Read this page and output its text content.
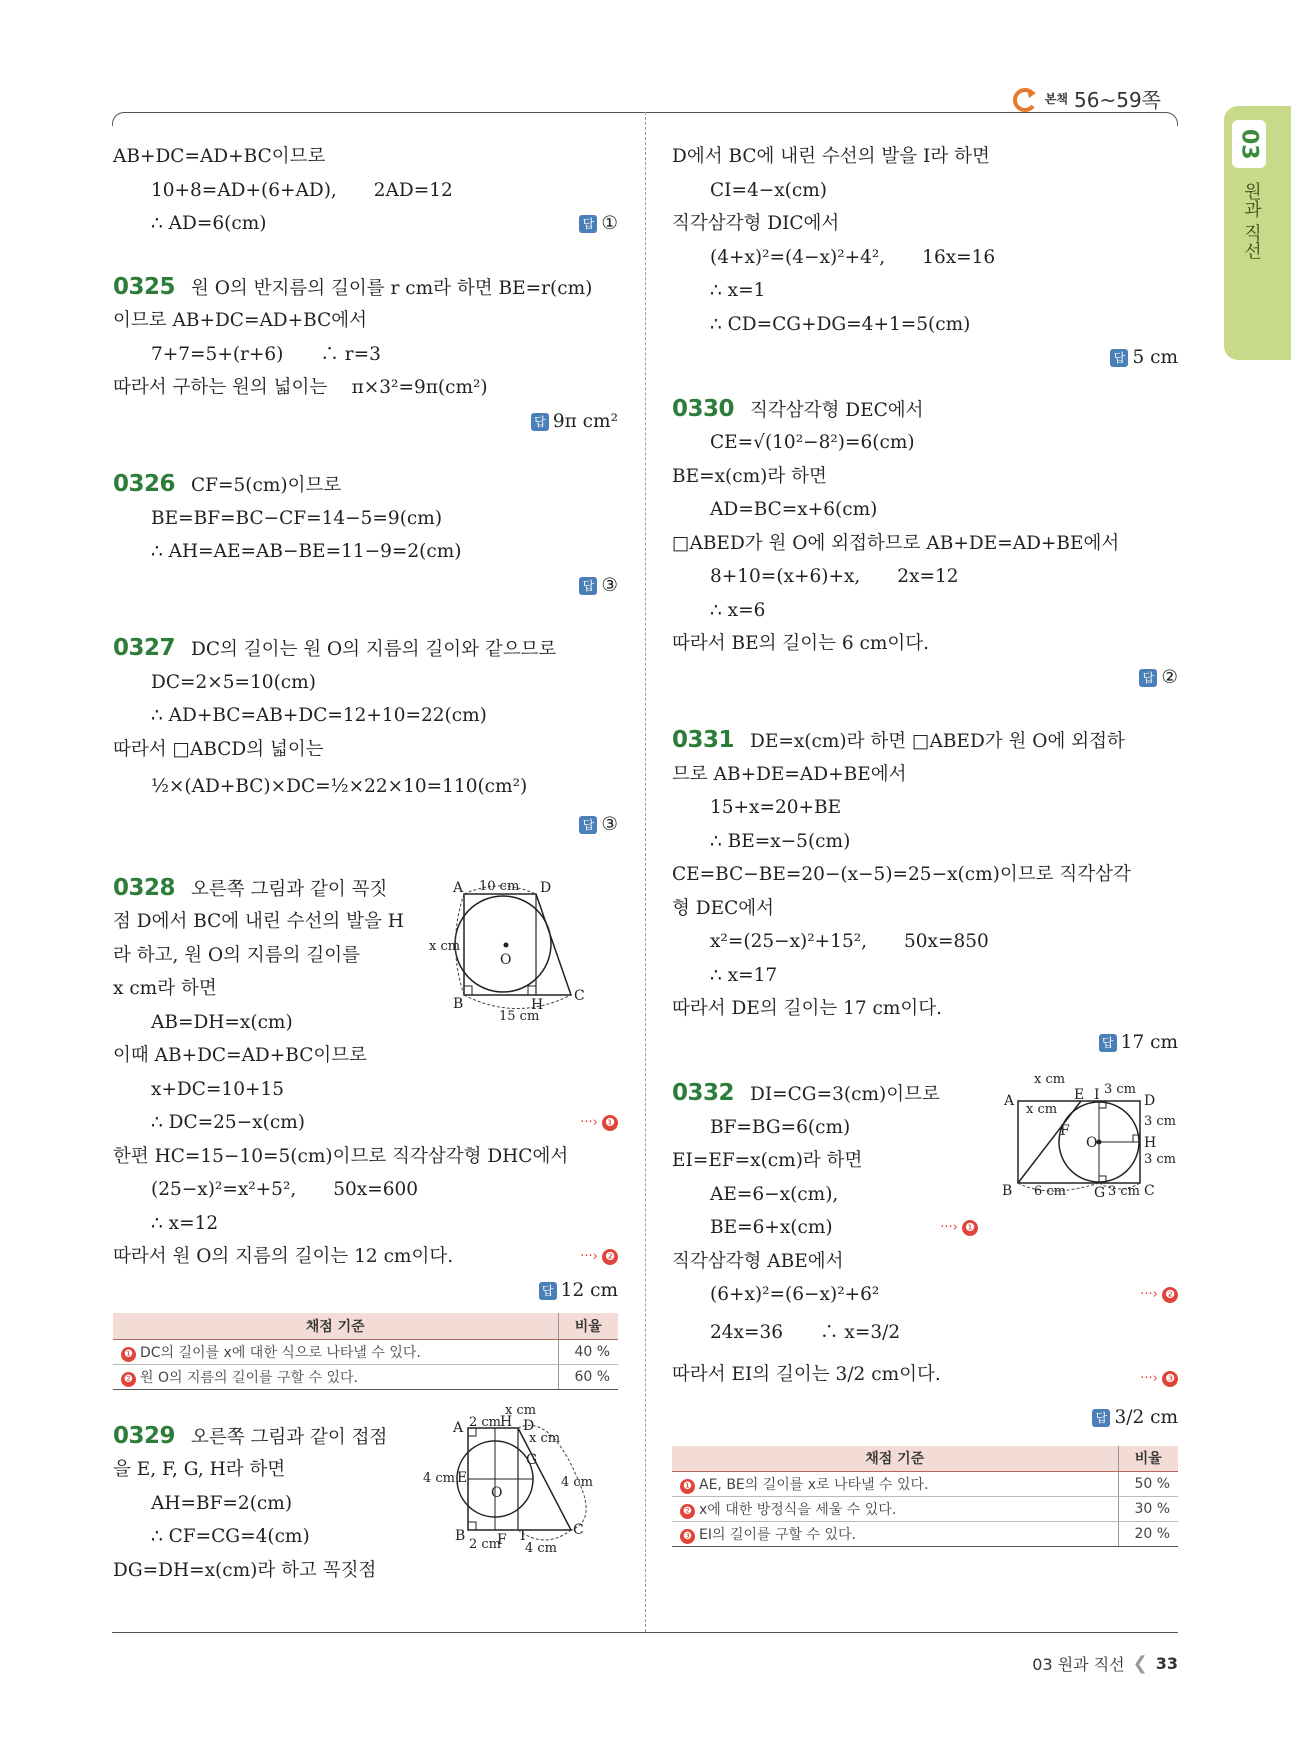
본책 56~59쪽
03
원과 직선
AB+DC=AD+BC이므로
10+8=AD+(6+AD),　　2AD=12
∴ AD=6(cm)	답 ①
0325 원 O의 반지름의 길이를 r cm라 하면 BE=r(cm)
이므로 AB+DC=AD+BC에서
7+7=5+(r+6)　　∴ r=3
따라서 구하는 원의 넓이는　 π×3²=9π(cm²)
답 9π cm²
0326 CF=5(cm)이므로
BE=BF=BC−CF=14−5=9(cm)
∴ AH=AE=AB−BE=11−9=2(cm)
답 ③
0327 DC의 길이는 원 O의 지름의 길이와 같으므로
DC=2×5=10(cm)
∴ AD+BC=AB+DC=12+10=22(cm)
따라서 □ABCD의 넓이는
½×(AD+BC)×DC=½×22×10=110(cm²)
답 ③
0328 오른쪽 그림과 같이 꼭짓
점 D에서 BC에 내린 수선의 발을 H
라 하고, 원 O의 지름의 길이를
x cm라 하면
AB=DH=x(cm)
이때 AB+DC=AD+BC이므로
x+DC=10+15
∴ DC=25−x(cm)	···› ❶
한편 HC=15−10=5(cm)이므로 직각삼각형 DHC에서
(25−x)²=x²+5²,　　50x=600
∴ x=12
따라서 원 O의 지름의 길이는 12 cm이다.	···› ❷
답 12 cm
A	D
B	H
C
O
10 cm
x cm
15 cm
채점 기준	비율
❶ DC의 길이를 x에 대한 식으로 나타낼 수 있다.	40 %
❷ 원 O의 지름의 길이를 구할 수 있다.	60 %
0329 오른쪽 그림과 같이 접점
을 E, F, G, H라 하면
AH=BF=2(cm)
∴ CF=CG=4(cm)
DG=DH=x(cm)라 하고 꼭짓점
A	H D
E
G
O
B F I	C
x cm
2 cm
x cm
4 cm	4 cm
2 cm 4 cm
D에서 BC에 내린 수선의 발을 I라 하면
CI=4−x(cm)
직각삼각형 DIC에서
(4+x)²=(4−x)²+4²,　　16x=16
∴ x=1
∴ CD=CG+DG=4+1=5(cm)
답 5 cm
0330 직각삼각형 DEC에서
CE=√(10²−8²)=6(cm)
BE=x(cm)라 하면
AD=BC=x+6(cm)
□ABED가 원 O에 외접하므로 AB+DE=AD+BE에서
8+10=(x+6)+x,　　2x=12
∴ x=6
따라서 BE의 길이는 6 cm이다.
답 ②
0331 DE=x(cm)라 하면 □ABED가 원 O에 외접하
므로 AB+DE=AD+BE에서
15+x=20+BE
∴ BE=x−5(cm)
CE=BC−BE=20−(x−5)=25−x(cm)이므로 직각삼각
형 DEC에서
x²=(25−x)²+15²,　　50x=850
∴ x=17
따라서 DE의 길이는 17 cm이다.
답 17 cm
0332 DI=CG=3(cm)이므로
BF=BG=6(cm)
EI=EF=x(cm)라 하면
AE=6−x(cm),
BE=6+x(cm)	···› ❶
직각삼각형 ABE에서
(6+x)²=(6−x)²+6²	···› ❷
24x=36　　∴ x=3/2
따라서 EI의 길이는 3/2 cm이다.	···› ❸
답 3/2 cm
A	E I	D
F
O	H
B	G	C
x cm
3 cm
x cm
3 cm
3 cm
6 cm	3 cm
채점 기준	비율
❶ AE, BE의 길이를 x로 나타낼 수 있다.	50 %
❷ x에 대한 방정식을 세울 수 있다.	30 %
❸ EI의 길이를 구할 수 있다.	20 %
03 원과 직선 ❮ 33
